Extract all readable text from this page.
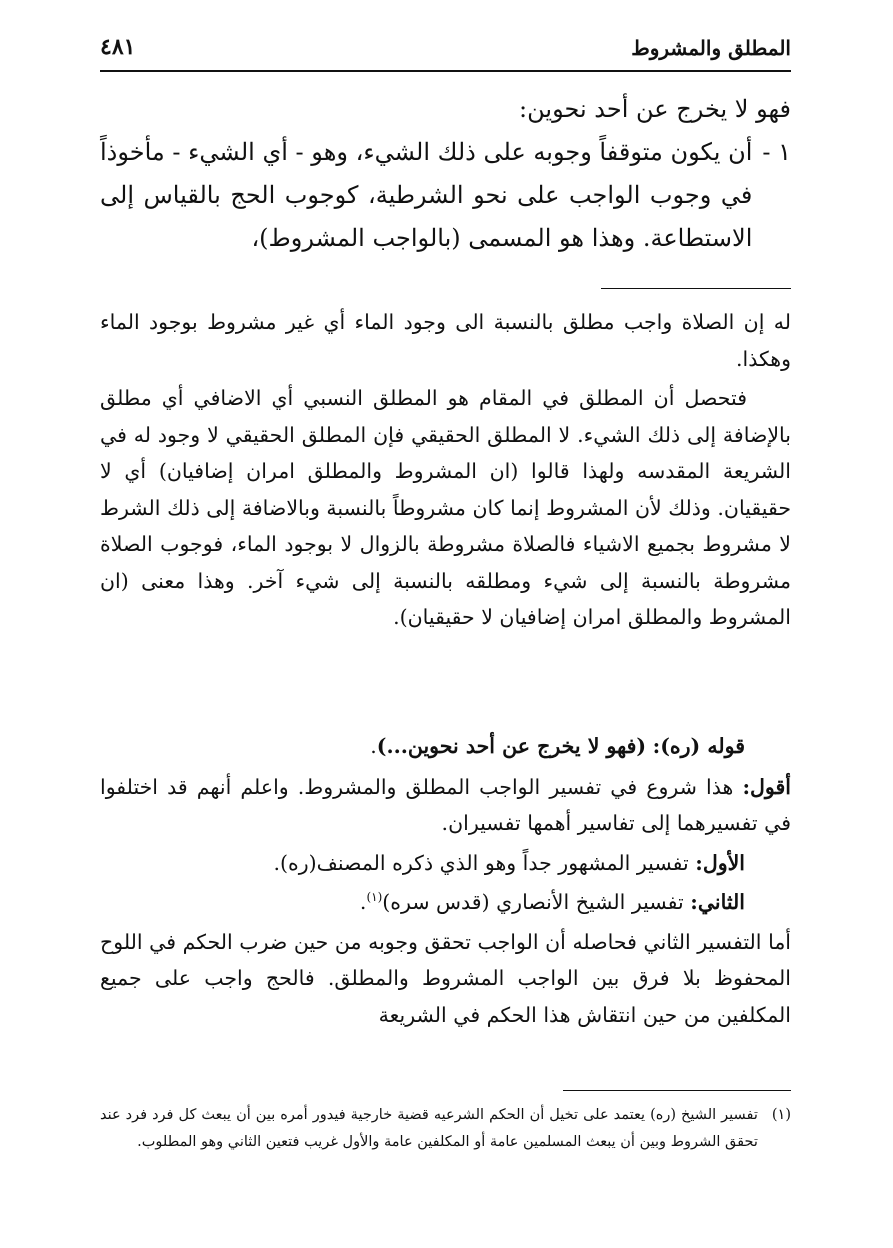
المطلق والمشروط
٤٨١
فهو لا يخرج عن أحد نحوين:
١ -
أن يكون متوقفاً وجوبه على ذلك الشيء، وهو - أي الشيء - مأخوذاً في وجوب الواجب على نحو الشرطية، كوجوب الحج بالقياس إلى الاستطاعة. وهذا هو المسمى (بالواجب المشروط)،

له إن الصلاة واجب مطلق بالنسبة الى وجود الماء أي غير مشروط بوجود الماء وهكذا.

فتحصل أن المطلق في المقام هو المطلق النسبي أي الاضافي أي مطلق بالإضافة إلى ذلك الشيء. لا المطلق الحقيقي فإن المطلق الحقيقي لا وجود له في الشريعة المقدسه ولهذا قالوا (ان المشروط والمطلق امران إضافيان) أي لا حقيقيان. وذلك لأن المشروط إنما كان مشروطاً بالنسبة وبالاضافة إلى ذلك الشرط لا مشروط بجميع الاشياء فالصلاة مشروطة بالزوال لا بوجود الماء، فوجوب الصلاة مشروطة بالنسبة إلى شيء ومطلقه بالنسبة إلى شيء آخر. وهذا معنى (ان المشروط والمطلق امران إضافيان لا حقيقيان).

قوله (ره): (فهو لا يخرج عن أحد نحوين...).

أقول: هذا شروع في تفسير الواجب المطلق والمشروط. واعلم أنهم قد اختلفوا في تفسيرهما إلى تفاسير أهمها تفسيران.

الأول: تفسير المشهور جداً وهو الذي ذكره المصنف(ره).

الثاني: تفسير الشيخ الأنصاري (قدس سره)$^{(١)}$.

أما التفسير الثاني فحاصله أن الواجب تحقق وجوبه من حين ضرب الحكم في اللوح المحفوظ بلا فرق بين الواجب المشروط والمطلق. فالحج واجب على جميع المكلفين من حين انتقاش هذا الحكم في الشريعة

(١)
تفسير الشيخ (ره) يعتمد على تخيل أن الحكم الشرعيه قضية خارجية فيدور أمره بين أن يبعث كل فرد فرد عند تحقق الشروط وبين أن يبعث المسلمين عامة أو المكلفين عامة والأول غريب فتعين الثاني وهو المطلوب.
